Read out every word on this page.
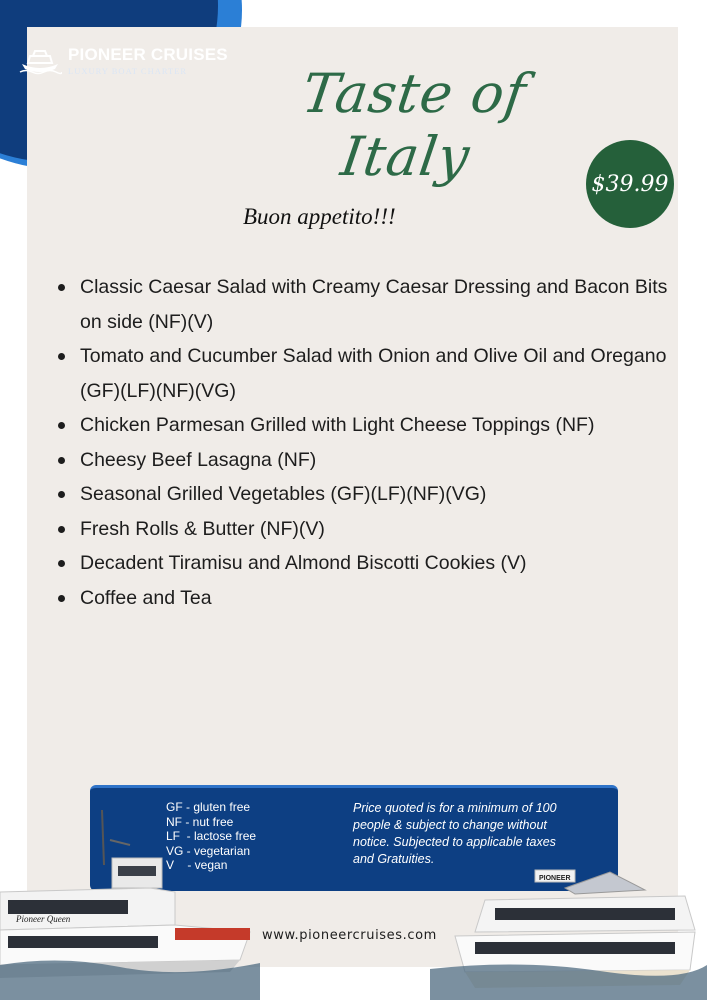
PIONEER CRUISES
LUXURY BOAT CHARTER	Taste of Italy	$39.99
Buon appetito!!!
Classic Caesar Salad with Creamy Caesar Dressing and Bacon Bits on side (NF)(V)
Tomato and Cucumber Salad with Onion and Olive Oil and Oregano (GF)(LF)(NF)(VG)
Chicken Parmesan Grilled with Light Cheese Toppings (NF)
Cheesy Beef Lasagna (NF)
Seasonal Grilled Vegetables (GF)(LF)(NF)(VG)
Fresh Rolls & Butter (NF)(V)
Decadent Tiramisu and Almond Biscotti Cookies (V)
Coffee and Tea
GF - gluten free
NF - nut free
LF  - lactose free
VG - vegetarian
V    - vegan
Price quoted is for a minimum of 100 people & subject to change without notice. Subjected to applicable taxes and Gratuities.
Pioneer Queen
PIONEER
www.pioneercruises.com
